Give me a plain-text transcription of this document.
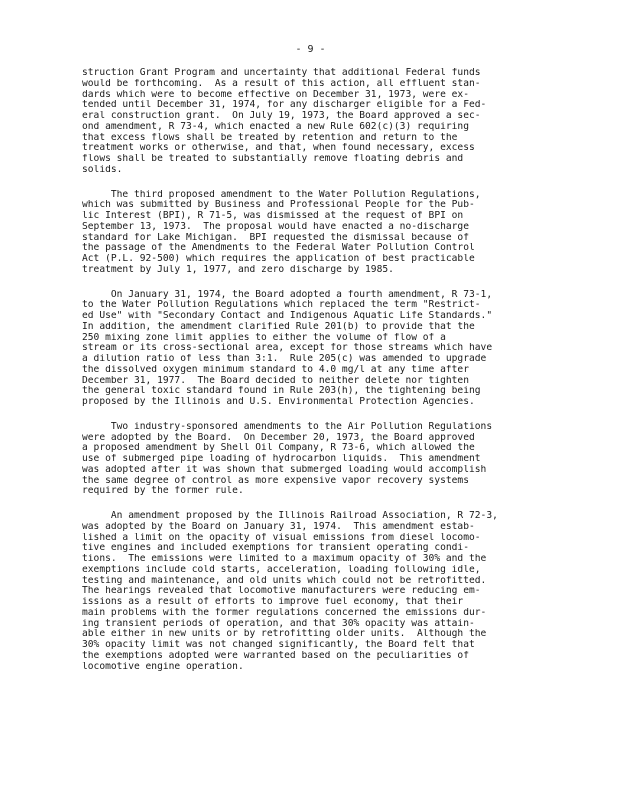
- 9 -
struction Grant Program and uncertainty that additional Federal funds
would be forthcoming.  As a result of this action, all effluent stan-
dards which were to become effective on December 31, 1973, were ex-
tended until December 31, 1974, for any discharger eligible for a Fed-
eral construction grant.  On July 19, 1973, the Board approved a sec-
ond amendment, R 73-4, which enacted a new Rule 602(c)(3) requiring
that excess flows shall be treated by retention and return to the
treatment works or otherwise, and that, when found necessary, excess
flows shall be treated to substantially remove floating debris and
solids.
The third proposed amendment to the Water Pollution Regulations,
which was submitted by Business and Professional People for the Pub-
lic Interest (BPI), R 71-5, was dismissed at the request of BPI on
September 13, 1973.  The proposal would have enacted a no-discharge
standard for Lake Michigan.  BPI requested the dismissal because of
the passage of the Amendments to the Federal Water Pollution Control
Act (P.L. 92-500) which requires the application of best practicable
treatment by July 1, 1977, and zero discharge by 1985.
On January 31, 1974, the Board adopted a fourth amendment, R 73-1,
to the Water Pollution Regulations which replaced the term "Restrict-
ed Use" with "Secondary Contact and Indigenous Aquatic Life Standards."
In addition, the amendment clarified Rule 201(b) to provide that the
250 mixing zone limit applies to either the volume of flow of a
stream or its cross-sectional area, except for those streams which have
a dilution ratio of less than 3:1.  Rule 205(c) was amended to upgrade
the dissolved oxygen minimum standard to 4.0 mg/l at any time after
December 31, 1977.  The Board decided to neither delete nor tighten
the general toxic standard found in Rule 203(h), the tightening being
proposed by the Illinois and U.S. Environmental Protection Agencies.
Two industry-sponsored amendments to the Air Pollution Regulations
were adopted by the Board.  On December 20, 1973, the Board approved
a proposed amendment by Shell Oil Company, R 73-6, which allowed the
use of submerged pipe loading of hydrocarbon liquids.  This amendment
was adopted after it was shown that submerged loading would accomplish
the same degree of control as more expensive vapor recovery systems
required by the former rule.
An amendment proposed by the Illinois Railroad Association, R 72-3,
was adopted by the Board on January 31, 1974.  This amendment estab-
lished a limit on the opacity of visual emissions from diesel locomo-
tive engines and included exemptions for transient operating condi-
tions.  The emissions were limited to a maximum opacity of 30% and the
exemptions include cold starts, acceleration, loading following idle,
testing and maintenance, and old units which could not be retrofitted.
The hearings revealed that locomotive manufacturers were reducing em-
issions as a result of efforts to improve fuel economy, that their
main problems with the former regulations concerned the emissions dur-
ing transient periods of operation, and that 30% opacity was attain-
able either in new units or by retrofitting older units.  Although the
30% opacity limit was not changed significantly, the Board felt that
the exemptions adopted were warranted based on the peculiarities of
locomotive engine operation.
